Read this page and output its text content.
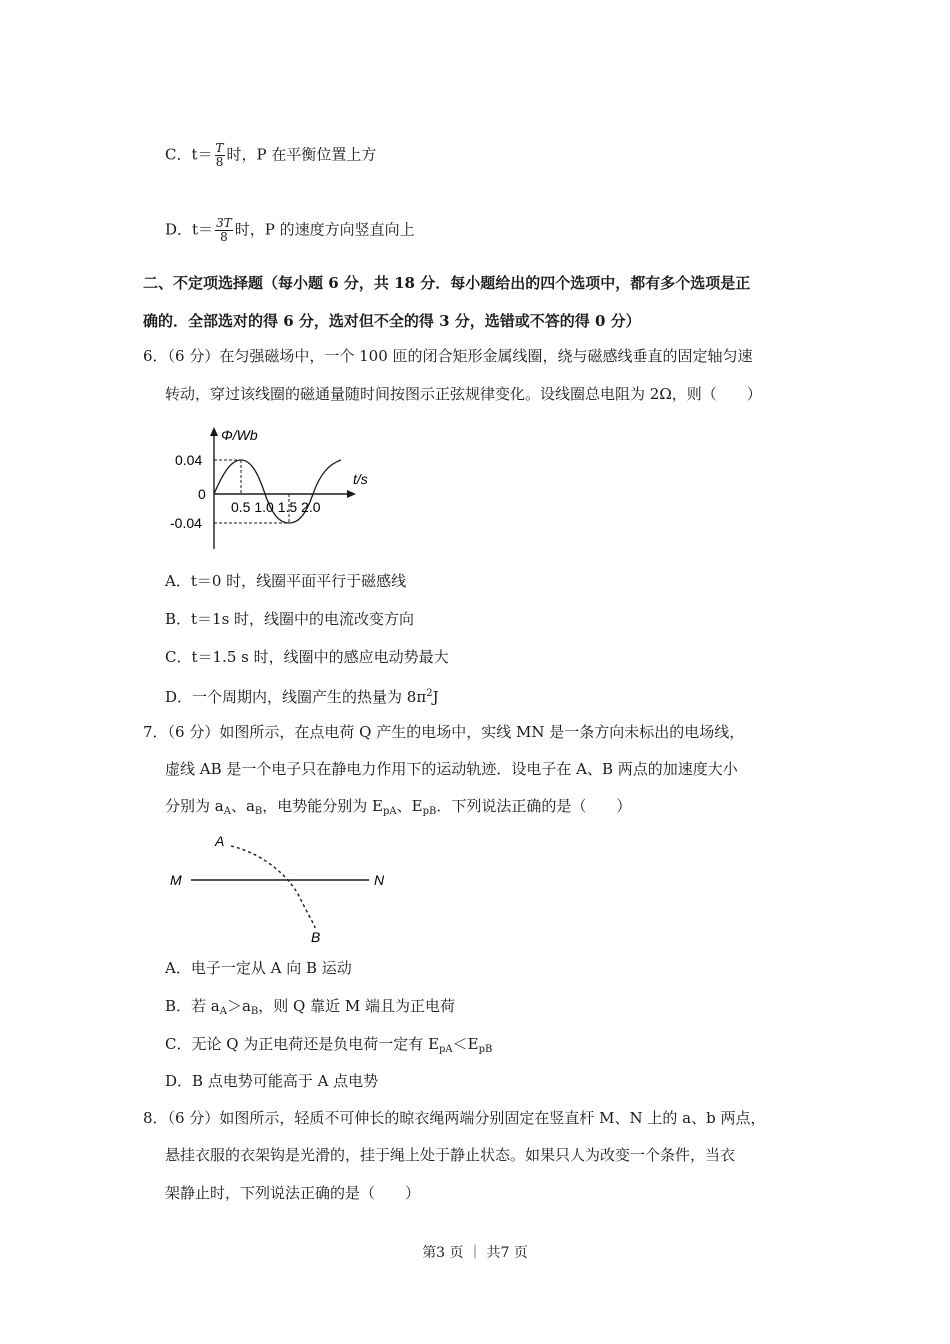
C．$t= \frac{T}{8}$ 时，P 在平衡位置上方
D．$t= \frac{3T}{8}$ 时，P 的速度方向竖直向上
二、不定项选择题（每小题 6 分，共 18 分．每小题给出的四个选项中，都有多个选项是正
确的．全部选对的得 6 分，选对但不全的得 3 分，选错或不答的得 0 分）
6．（6 分）在匀强磁场中，一个 100 匝的闭合矩形金属线圈，绕与磁感线垂直的固定轴匀速
转动，穿过该线圈的磁通量随时间按图示正弦规律变化。设线圈总电阻为 2Ω，则（　　）
Φ/Wb
t/s
0.04
0
-0.04
0.5 1.0 1.5 2.0
A．t＝0 时，线圈平面平行于磁感线
B．t＝1s 时，线圈中的电流改变方向
C．t＝1.5 s 时，线圈中的感应电动势最大
D．一个周期内，线圈产生的热量为 $8\pi^2J$
7．（6 分）如图所示，在点电荷 Q 产生的电场中，实线 MN 是一条方向未标出的电场线，
虚线 AB 是一个电子只在静电力作用下的运动轨迹．设电子在 A、B 两点的加速度大小
分别为 $a_A$、$a_B$，电势能分别为 $E_{pA}$、$E_{pB}$．下列说法正确的是（　　）
A
B
M	N
A．电子一定从 A 向 B 运动
B．若 $a_A>a_B$，则 Q 靠近 M 端且为正电荷
C．无论 Q 为正电荷还是负电荷一定有 $E_{pA}<E_{pB}$
D．B 点电势可能高于 A 点电势
8．（6 分）如图所示，轻质不可伸长的晾衣绳两端分别固定在竖直杆 M、N 上的 a、b 两点，
悬挂衣服的衣架钩是光滑的，挂于绳上处于静止状态。如果只人为改变一个条件，当衣
架静止时，下列说法正确的是（　　）
第3 页 ｜ 共7 页
